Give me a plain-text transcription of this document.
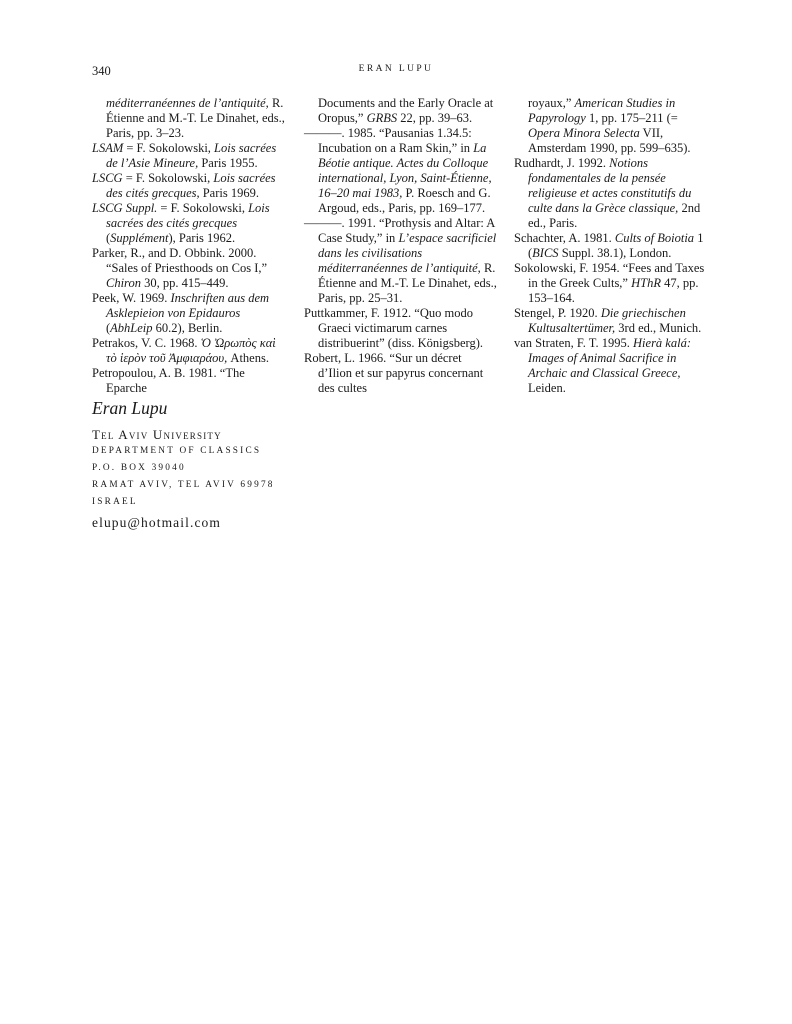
340	ERAN LUPU
méditerranéennes de l’antiquité, R. Étienne and M.-T. Le Dinahet, eds., Paris, pp. 3–23.
LSAM = F. Sokolowski, Lois sacrées de l’Asie Mineure, Paris 1955.
LSCG = F. Sokolowski, Lois sacrées des cités grecques, Paris 1969.
LSCG Suppl. = F. Sokolowski, Lois sacrées des cités grecques (Supplément), Paris 1962.
Parker, R., and D. Obbink. 2000. “Sales of Priesthoods on Cos I,” Chiron 30, pp. 415–449.
Peek, W. 1969. Inschriften aus dem Asklepieion von Epidauros (AbhLeip 60.2), Berlin.
Petrakos, V. C. 1968. Ὁ Ὠρωπὸς καὶ τὸ ἱερὸν τοῦ Ἀμφιαράου, Athens.
Petropoulou, A. B. 1981. “The Eparche
Documents and the Early Oracle at Oropus,” GRBS 22, pp. 39–63.
———. 1985. “Pausanias 1.34.5: Incubation on a Ram Skin,” in La Béotie antique. Actes du Colloque international, Lyon, Saint-Étienne, 16–20 mai 1983, P. Roesch and G. Argoud, eds., Paris, pp. 169–177.
———. 1991. “Prothysis and Altar: A Case Study,” in L’espace sacrificiel dans les civilisations méditerranéennes de l’antiquité, R. Étienne and M.-T. Le Dinahet, eds., Paris, pp. 25–31.
Puttkammer, F. 1912. “Quo modo Graeci victimarum carnes distribuerint” (diss. Königsberg).
Robert, L. 1966. “Sur un décret d’Ilion et sur papyrus concernant des cultes
royaux,” American Studies in Papyrology 1, pp. 175–211 (= Opera Minora Selecta VII, Amsterdam 1990, pp. 599–635).
Rudhardt, J. 1992. Notions fondamentales de la pensée religieuse et actes constitutifs du culte dans la Grèce classique, 2nd ed., Paris.
Schachter, A. 1981. Cults of Boiotia 1 (BICS Suppl. 38.1), London.
Sokolowski, F. 1954. “Fees and Taxes in the Greek Cults,” HThR 47, pp. 153–164.
Stengel, P. 1920. Die griechischen Kultusaltertümer, 3rd ed., Munich.
van Straten, F. T. 1995. Hierà kalá: Images of Animal Sacrifice in Archaic and Classical Greece, Leiden.
Eran Lupu
Tel Aviv University
DEPARTMENT OF CLASSICS
P.O. BOX 39040
RAMAT AVIV, TEL AVIV 69978
ISRAEL
elupu@hotmail.com
